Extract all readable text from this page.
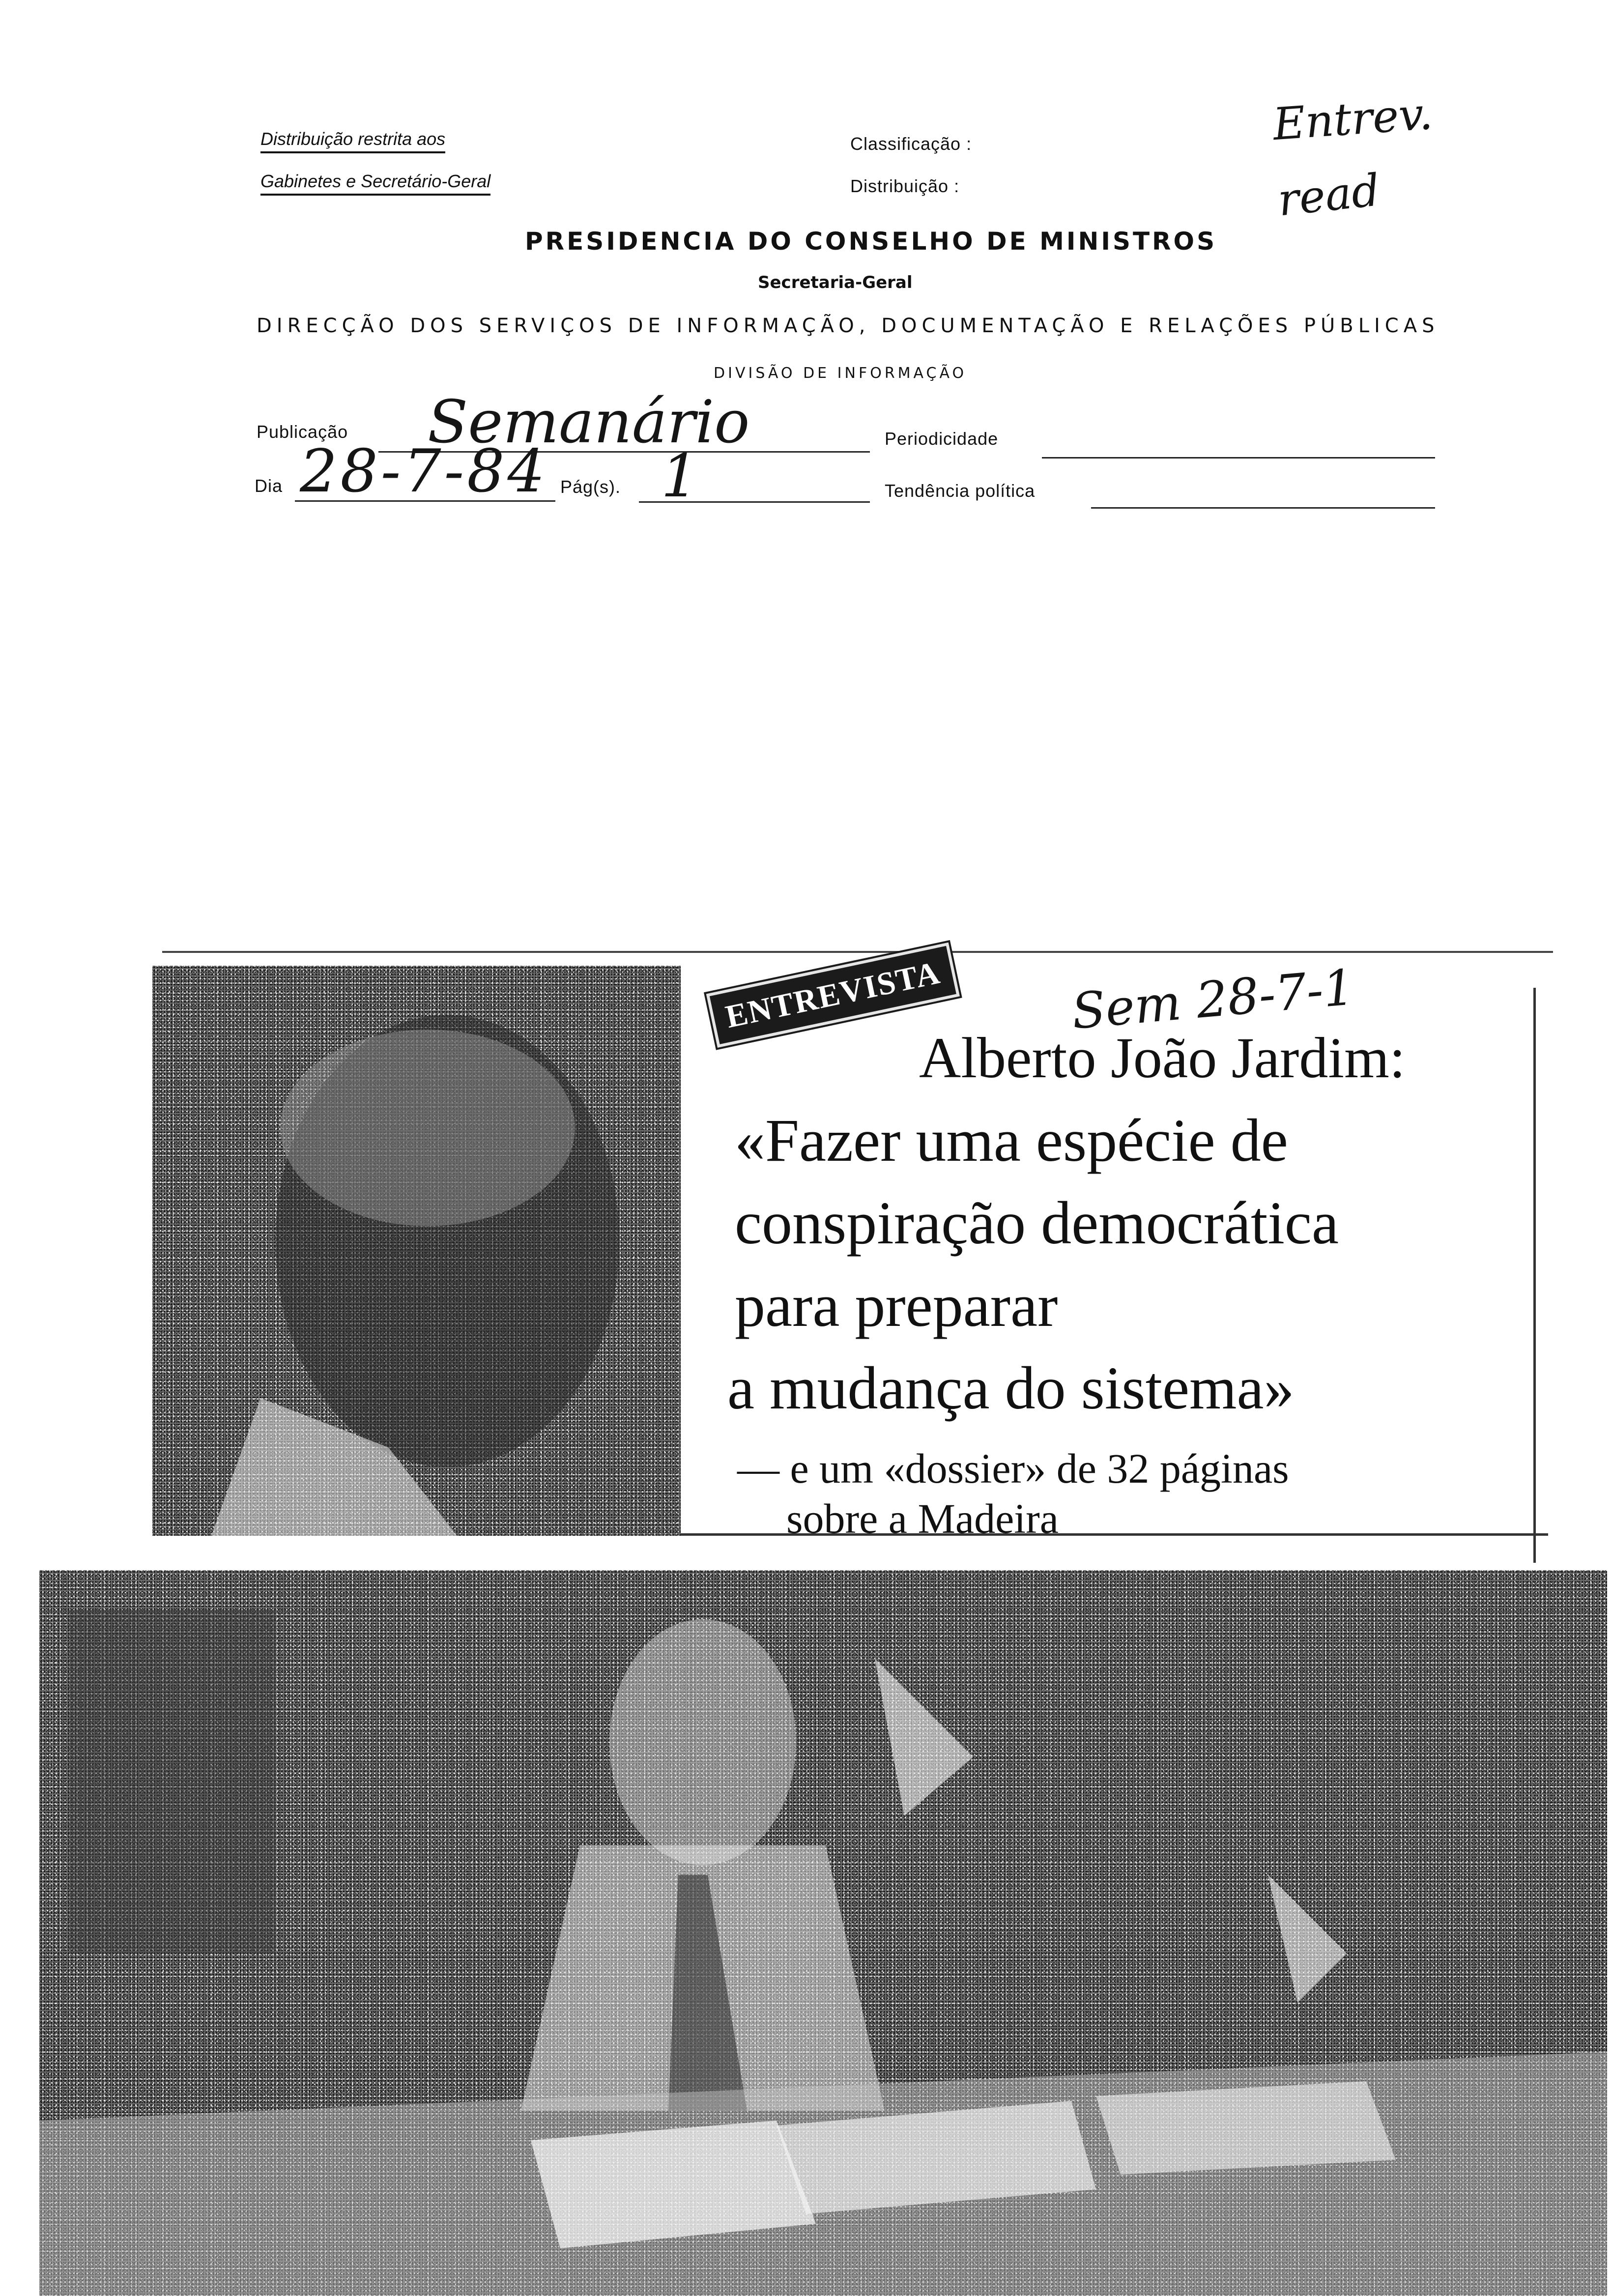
Distribuição restrita aos
Gabinetes e Secretário-Geral
Classificação :
Distribuição :
Entrev.
read
PRESIDENCIA DO CONSELHO DE MINISTROS
Secretaria-Geral
DIRECÇÃO DOS SERVIÇOS DE INFORMAÇÃO, DOCUMENTAÇÃO E RELAÇÕES PÚBLICAS
DIVISÃO DE INFORMAÇÃO
Publicação Semanário	Periodicidade
Dia 28-7-84 Pág(s). 1	Tendência política
ENTREVISTA	Sem 28-7-1
Alberto João Jardim:
«Fazer uma espécie de
conspiração democrática
para preparar
a mudança do sistema»
— e um «dossier» de 32 páginas
sobre a Madeira
